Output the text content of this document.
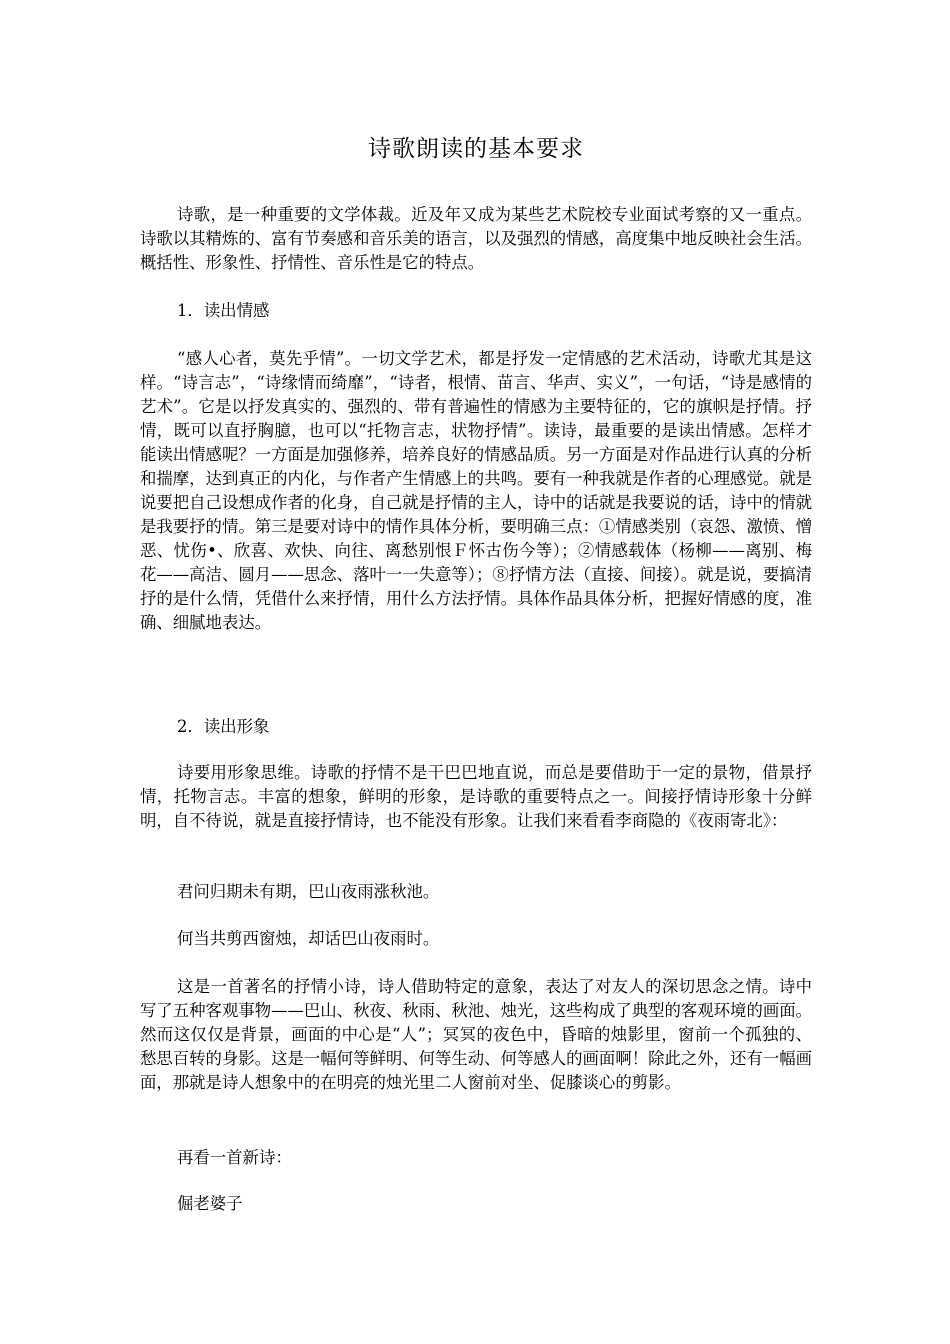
诗歌朗读的基本要求

诗歌，是一种重要的文学体裁。近及年又成为某些艺术院校专业面试考察的又一重点。诗歌以其精炼的、富有节奏感和音乐美的语言，以及强烈的情感，高度集中地反映社会生活。概括性、形象性、抒情性、音乐性是它的特点。

1．读出情感

“感人心者，莫先乎情”。一切文学艺术，都是抒发一定情感的艺术活动，诗歌尤其是这样。“诗言志”，“诗缘情而绮靡”，“诗者，根情、苗言、华声、实义”，一句话，“诗是感情的艺术”。它是以抒发真实的、强烈的、带有普遍性的情感为主要特征的，它的旗帜是抒情。抒情，既可以直抒胸臆，也可以“托物言志，状物抒情”。读诗，最重要的是读出情感。怎样才能读出情感呢？一方面是加强修养，培养良好的情感品质。另一方面是对作品进行认真的分析和揣摩，达到真正的内化，与作者产生情感上的共鸣。要有一种我就是作者的心理感觉。就是说要把自己设想成作者的化身，自己就是抒情的主人，诗中的话就是我要说的话，诗中的情就是我要抒的情。第三是要对诗中的情作具体分析，要明确三点：①情感类别（哀怨、激愤、憎恶、忧伤•、欣喜、欢快、向往、离愁别恨Ｆ怀古伤今等）；②情感载体（杨柳——离别、梅花——高洁、圆月——思念、落叶一一失意等）；⑧抒情方法（直接、间接）。就是说，要搞清抒的是什么情，凭借什么来抒情，用什么方法抒情。具体作品具体分析，把握好情感的度，准确、细腻地表达。

2．读出形象

诗要用形象思维。诗歌的抒情不是干巴巴地直说，而总是要借助于一定的景物，借景抒情，托物言志。丰富的想象，鲜明的形象，是诗歌的重要特点之一。间接抒情诗形象十分鲜明，自不待说，就是直接抒情诗，也不能没有形象。让我们来看看李商隐的《夜雨寄北》：

君问归期未有期，巴山夜雨涨秋池。

何当共剪西窗烛，却话巴山夜雨时。

这是一首著名的抒情小诗，诗人借助特定的意象，表达了对友人的深切思念之情。诗中写了五种客观事物——巴山、秋夜、秋雨、秋池、烛光，这些构成了典型的客观环境的画面。然而这仅仅是背景，画面的中心是“人”；冥冥的夜色中，昏暗的烛影里，窗前一个孤独的、愁思百转的身影。这是一幅何等鲜明、何等生动、何等感人的画面啊！除此之外，还有一幅画面，那就是诗人想象中的在明亮的烛光里二人窗前对坐、促膝谈心的剪影。

再看一首新诗：

倔老婆子
